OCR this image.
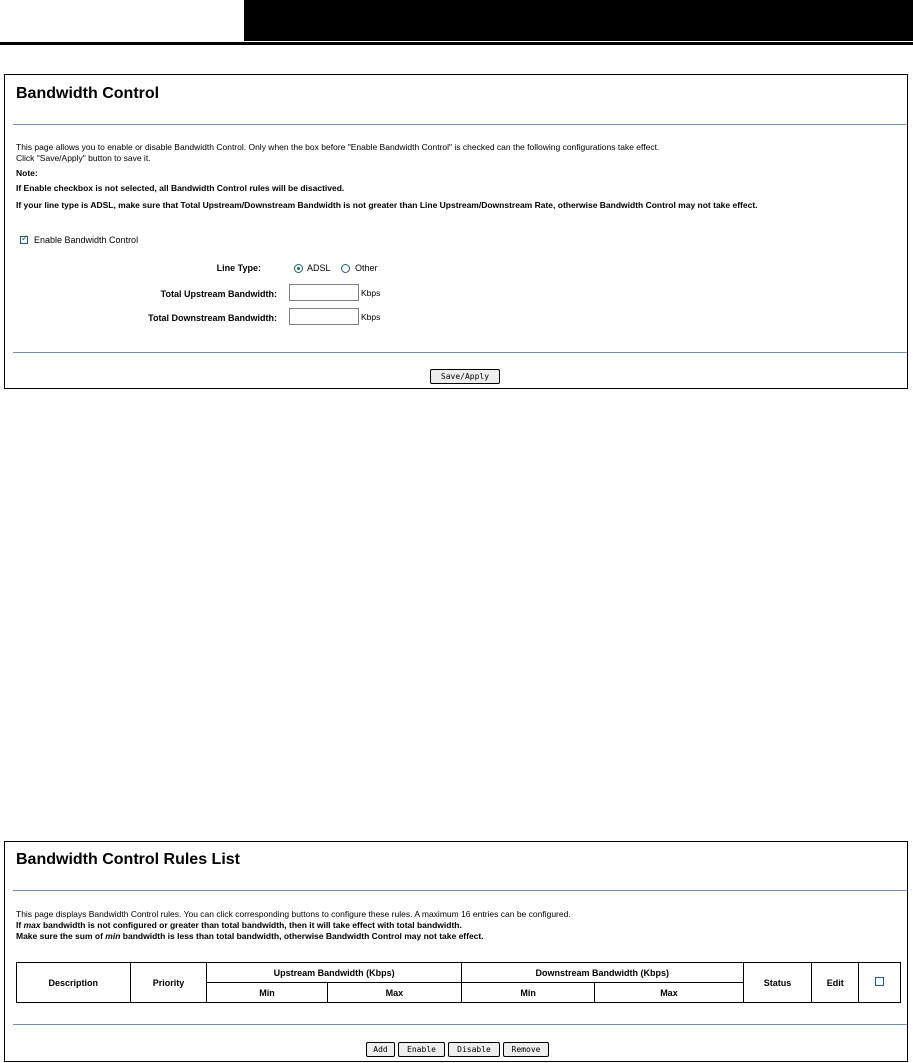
Bandwidth Control
This page allows you to enable or disable Bandwidth Control. Only when the box before "Enable Bandwidth Control" is checked can the following configurations take effect.
Click "Save/Apply" button to save it.
Note:
If Enable checkbox is not selected, all Bandwidth Control rules will be disactived.
If your line type is ADSL, make sure that Total Upstream/Downstream Bandwidth is not greater than Line Upstream/Downstream Rate, otherwise Bandwidth Control may not take effect.
✓
Enable Bandwidth Control
Line Type:	ADSL	Other
Total Upstream Bandwidth:	Kbps
Total Downstream Bandwidth:	Kbps
Save/Apply
Bandwidth Control Rules List
This page displays Bandwidth Control rules. You can click corresponding buttons to configure these rules. A maximum 16 entries can be configured.
If max bandwidth is not configured or greater than total bandwidth, then it will take effect with total bandwidth.
Make sure the sum of min bandwidth is less than total bandwidth, otherwise Bandwidth Control may not take effect.
Description	Priority	Upstream Bandwidth (Kbps)		Downstream Bandwidth (Kbps)		Status	Edit	
		Min	Max	Min	Max			
Add	Enable	Disable	Remove
